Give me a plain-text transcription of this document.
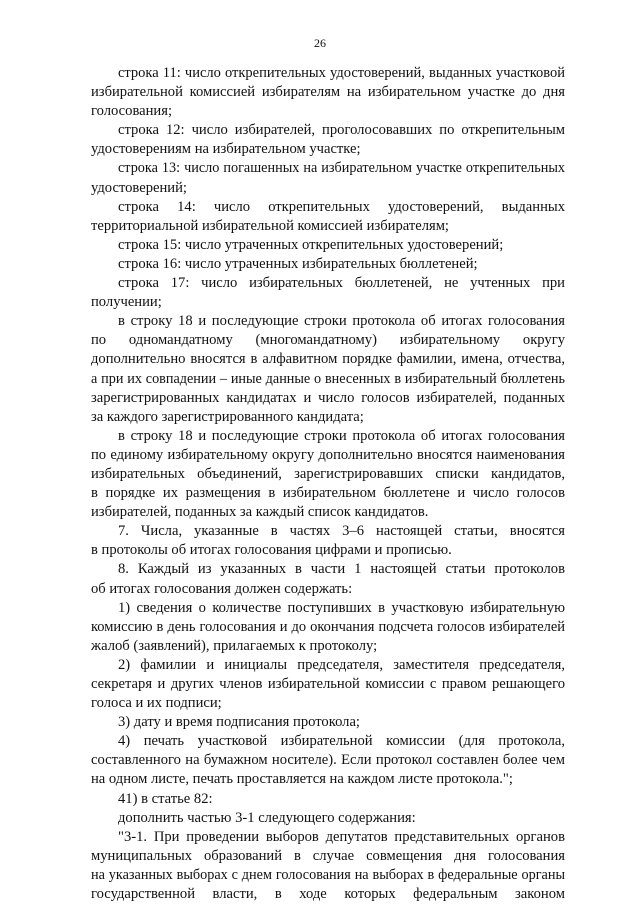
26
строка 11: число открепительных удостоверений, выданных участковой
избирательной комиссией избирателям на избирательном участке до дня
голосования;
строка 12: число избирателей, проголосовавших по открепительным
удостоверениям на избирательном участке;
строка 13: число погашенных на избирательном участке открепительных
удостоверений;
строка 14: число открепительных удостоверений, выданных
территориальной избирательной комиссией избирателям;
строка 15: число утраченных открепительных удостоверений;
строка 16: число утраченных избирательных бюллетеней;
строка 17: число избирательных бюллетеней, не учтенных при
получении;
в строку 18 и последующие строки протокола об итогах голосования
по одномандатному (многомандатному) избирательному округу
дополнительно вносятся в алфавитном порядке фамилии, имена, отчества,
а при их совпадении – иные данные о внесенных в избирательный бюллетень
зарегистрированных кандидатах и число голосов избирателей, поданных
за каждого зарегистрированного кандидата;
в строку 18 и последующие строки протокола об итогах голосования
по единому избирательному округу дополнительно вносятся наименования
избирательных объединений, зарегистрировавших списки кандидатов,
в порядке их размещения в избирательном бюллетене и число голосов
избирателей, поданных за каждый список кандидатов.
7. Числа, указанные в частях 3–6 настоящей статьи, вносятся
в протоколы об итогах голосования цифрами и прописью.
8. Каждый из указанных в части 1 настоящей статьи протоколов
об итогах голосования должен содержать:
1) сведения о количестве поступивших в участковую избирательную
комиссию в день голосования и до окончания подсчета голосов избирателей
жалоб (заявлений), прилагаемых к протоколу;
2) фамилии и инициалы председателя, заместителя председателя,
секретаря и других членов избирательной комиссии с правом решающего
голоса и их подписи;
3) дату и время подписания протокола;
4) печать участковой избирательной комиссии (для протокола,
составленного на бумажном носителе). Если протокол составлен более чем
на одном листе, печать проставляется на каждом листе протокола.";
41) в статье 82:
дополнить частью 3-1 следующего содержания:
"3-1. При проведении выборов депутатов представительных органов
муниципальных образований в случае совмещения дня голосования
на указанных выборах с днем голосования на выборах в федеральные органы
государственной власти, в ходе которых федеральным законом
